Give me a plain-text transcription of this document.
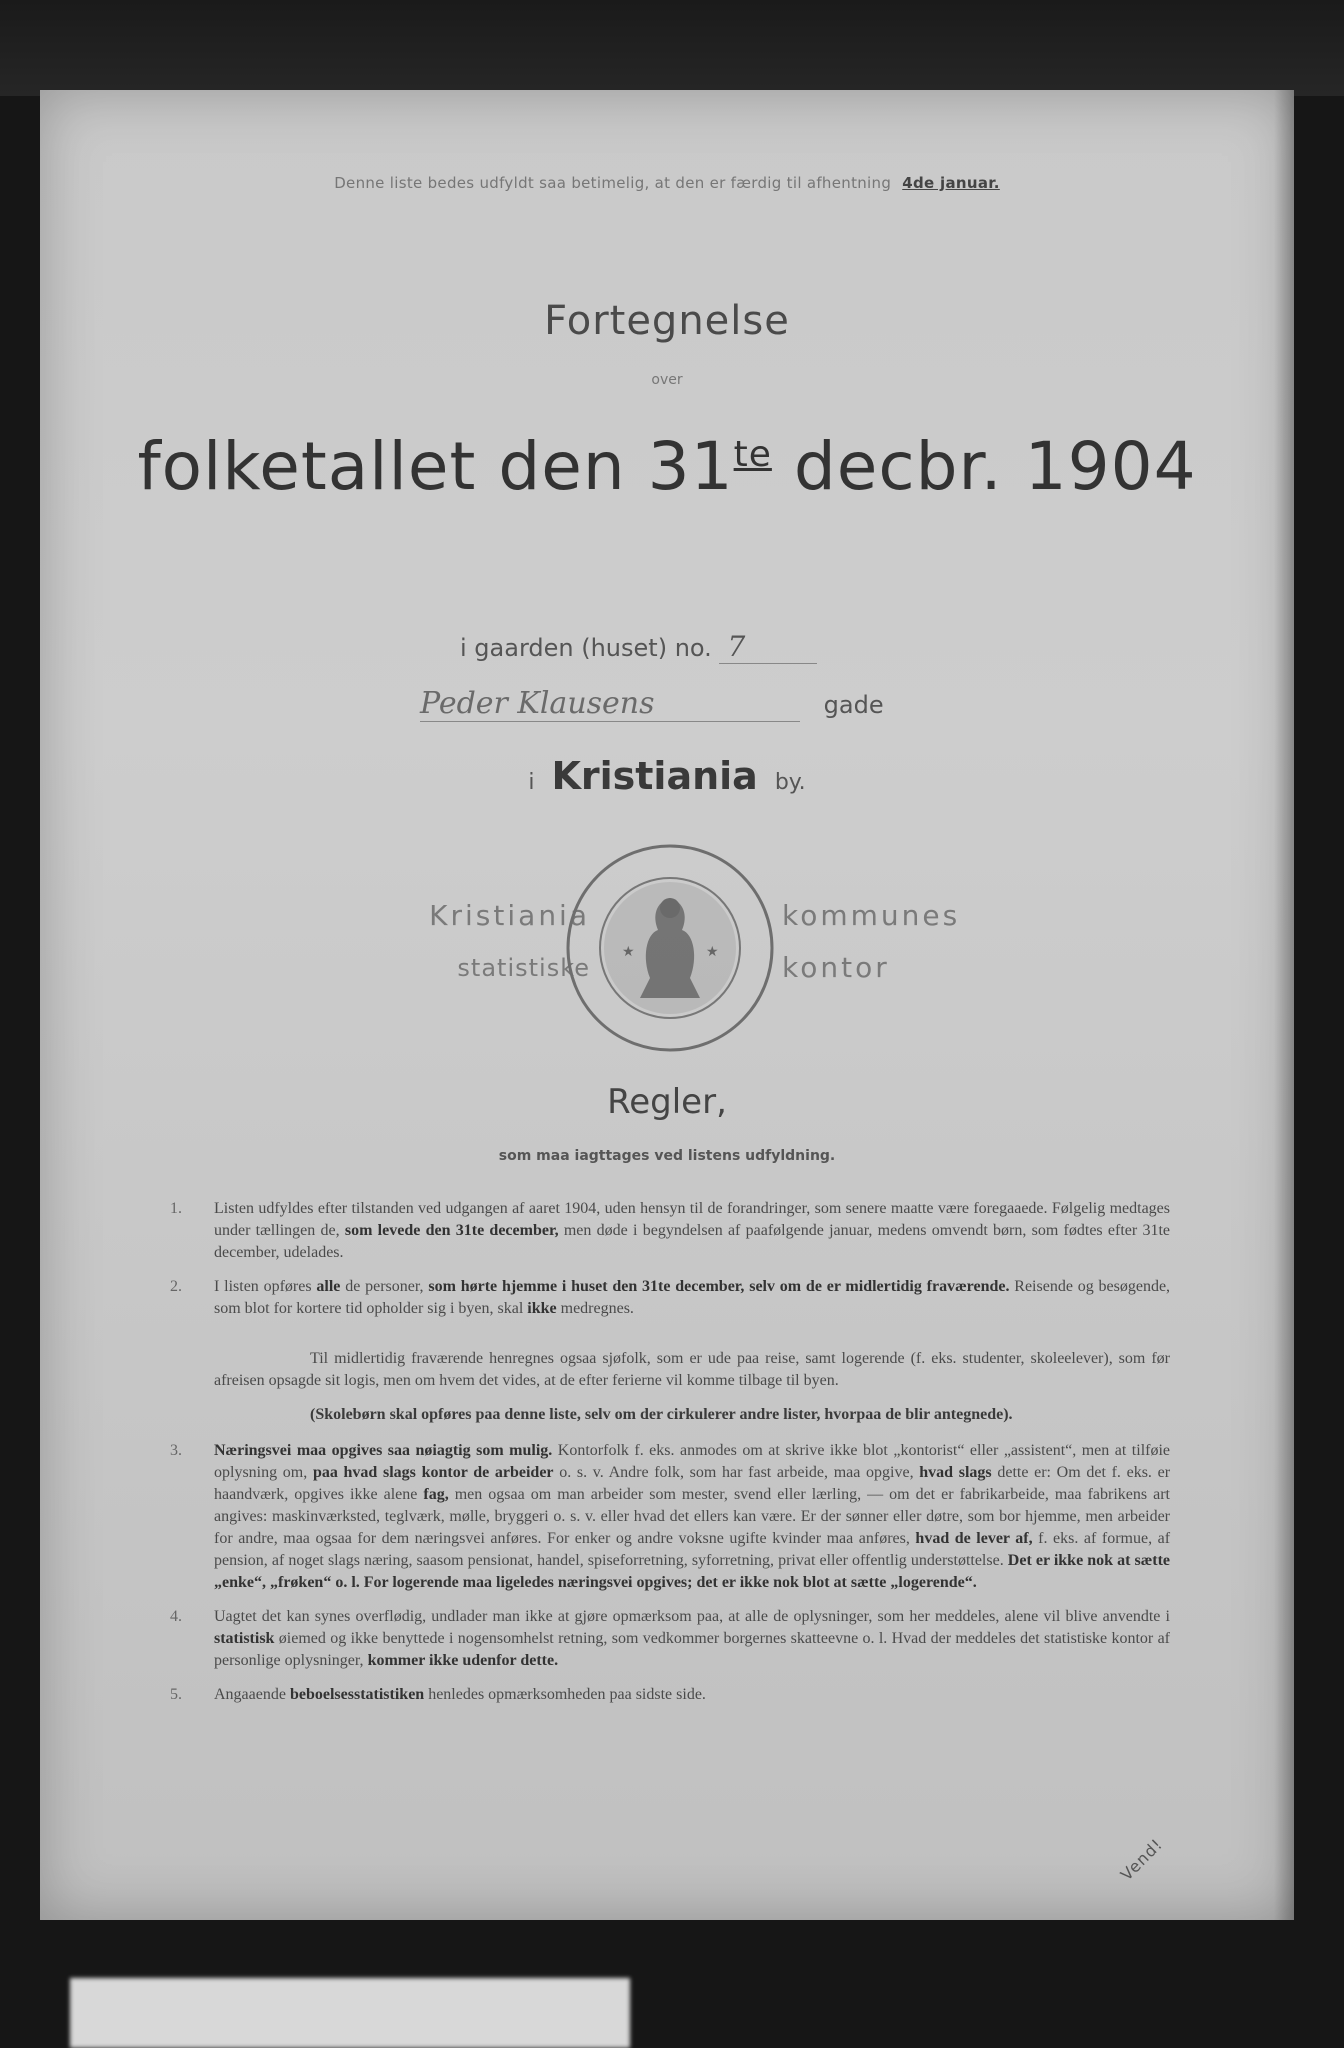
Denne liste bedes udfyldt saa betimelig, at den er færdig til afhentning 4de januar.
Fortegnelse
over
folketallet den $31^{te}$ decbr. 1904
i gaarden (huset) no. 7
Peder Klausens	gade
i Kristiania by.
Kristiania
statistiske
★	★
kommunes
kontor
Regler,
som maa iagttages ved listens udfyldning.
1.	Listen udfyldes efter tilstanden ved udgangen af aaret 1904, uden hensyn til de forandringer, som senere maatte være foregaaede. Følgelig medtages under tællingen de, som levede den 31te december, men døde i begyndelsen af paafølgende januar, medens omvendt børn, som fødtes efter 31te december, udelades.
2.	I listen opføres alle de personer, som hørte hjemme i huset den 31te december, selv om de er midlertidig fraværende. Reisende og besøgende, som blot for kortere tid opholder sig i byen, skal ikke medregnes.
Til midlertidig fraværende henregnes ogsaa sjøfolk, som er ude paa reise, samt logerende (f. eks. studenter, skoleelever), som før afreisen opsagde sit logis, men om hvem det vides, at de efter ferierne vil komme tilbage til byen.
(Skolebørn skal opføres paa denne liste, selv om der cirkulerer andre lister, hvorpaa de blir antegnede).
3.	Næringsvei maa opgives saa nøiagtig som mulig. Kontorfolk f. eks. anmodes om at skrive ikke blot „kontorist“ eller „assistent“, men at tilføie oplysning om, paa hvad slags kontor de arbeider o. s. v. Andre folk, som har fast arbeide, maa opgive, hvad slags dette er: Om det f. eks. er haandværk, opgives ikke alene fag, men ogsaa om man arbeider som mester, svend eller lærling, — om det er fabrikarbeide, maa fabrikens art angives: maskinværksted, teglværk, mølle, bryggeri o. s. v. eller hvad det ellers kan være. Er der sønner eller døtre, som bor hjemme, men arbeider for andre, maa ogsaa for dem næringsvei anføres. For enker og andre voksne ugifte kvinder maa anføres, hvad de lever af, f. eks. af formue, af pension, af noget slags næring, saasom pensionat, handel, spiseforretning, syforretning, privat eller offentlig understøttelse. Det er ikke nok at sætte „enke“, „frøken“ o. l. For logerende maa ligeledes næringsvei opgives; det er ikke nok blot at sætte „logerende“.
4.	Uagtet det kan synes overflødig, undlader man ikke at gjøre opmærksom paa, at alle de oplysninger, som her meddeles, alene vil blive anvendte i statistisk øiemed og ikke benyttede i nogensomhelst retning, som vedkommer borgernes skatteevne o. l. Hvad der meddeles det statistiske kontor af personlige oplysninger, kommer ikke udenfor dette.
5.	Angaaende beboelsesstatistiken henledes opmærksomheden paa sidste side.
Vend!
